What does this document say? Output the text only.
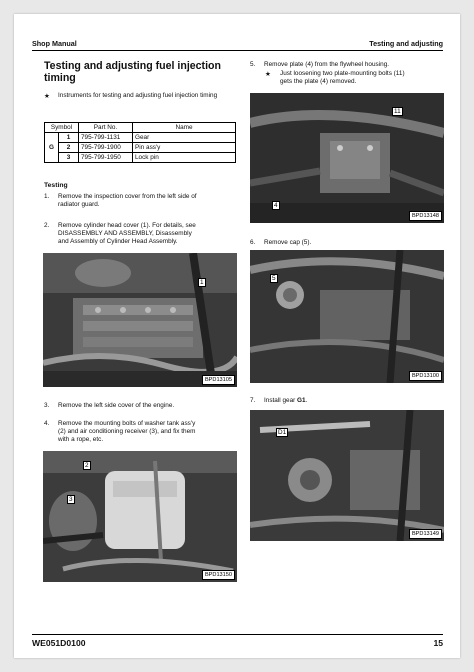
Shop Manual	Testing and adjusting
Testing and adjusting fuel injection timing
★ Instruments for testing and adjusting fuel injection timing
Symbol		Part No.	Name
G	1	795-799-1131	Gear
	2	795-799-1900	Pin ass'y
	3	795-799-1950	Lock pin
Testing
1. Remove the inspection cover from the left side of
radiator guard.
2. Remove cylinder head cover (1). For details, see
DISASSEMBLY AND ASSEMBLY, Disassembly
and Assembly of Cylinder Head Assembly.
1
BPD13105
3. Remove the left side cover of the engine.
4. Remove the mounting bolts of washer tank ass'y
(2) and air conditioning receiver (3), and fix them
with a rope, etc.
2
3
BPD13150
5. Remove plate (4) from the flywheel housing.
★ Just loosening two plate-mounting bolts (11)
gets the plate (4) removed.
11
4
BPD13148
6. Remove cap (5).
5
BPD13100
7. Install gear G1.
D1
BPD13149
WE051D0100	15
